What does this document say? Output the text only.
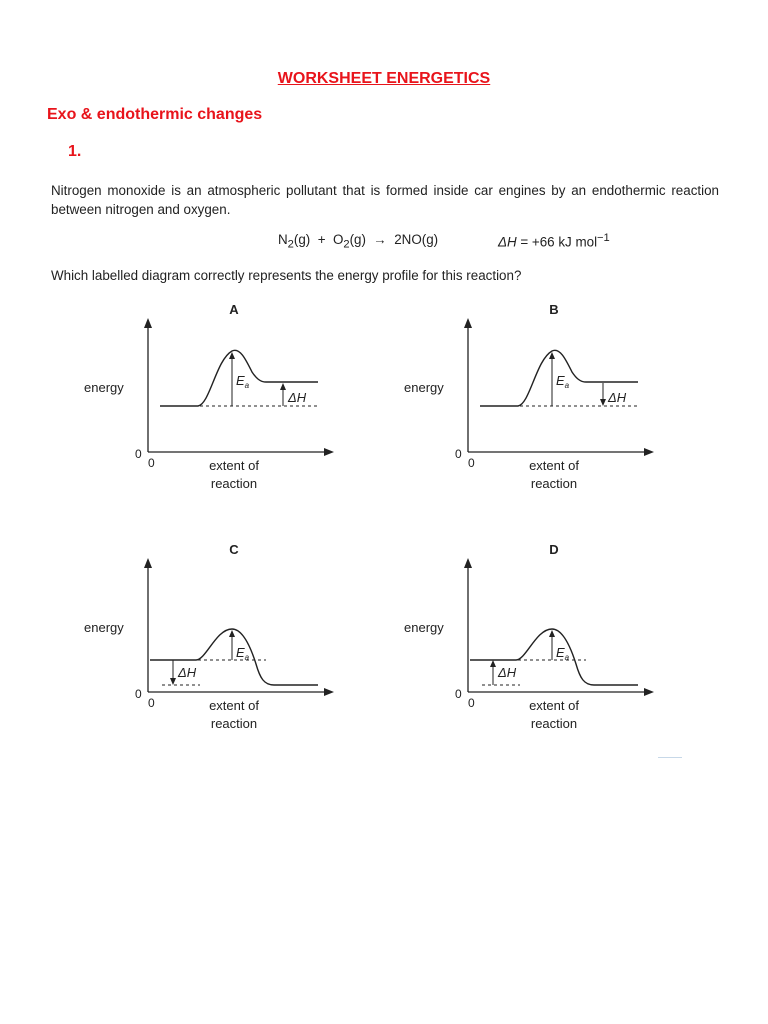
WORKSHEET ENERGETICS
Exo & endothermic changes
1.
Nitrogen monoxide is an atmospheric pollutant that is formed inside car engines by an endothermic reaction between nitrogen and oxygen.
$N_2(g) + O_2(g) \to 2NO(g)$	ΔH = +66 kJ mol$^{-1}$
Which labelled diagram correctly represents the energy profile for this reaction?
A
energy
0
0	extent of
reaction
$E_a$
ΔH
B
energy
0
0	extent of
reaction
$E_a$
ΔH
C
energy
0
0	extent of
reaction
$E_a$
ΔH
D
energy
0
0	extent of
reaction
$E_a$
ΔH
